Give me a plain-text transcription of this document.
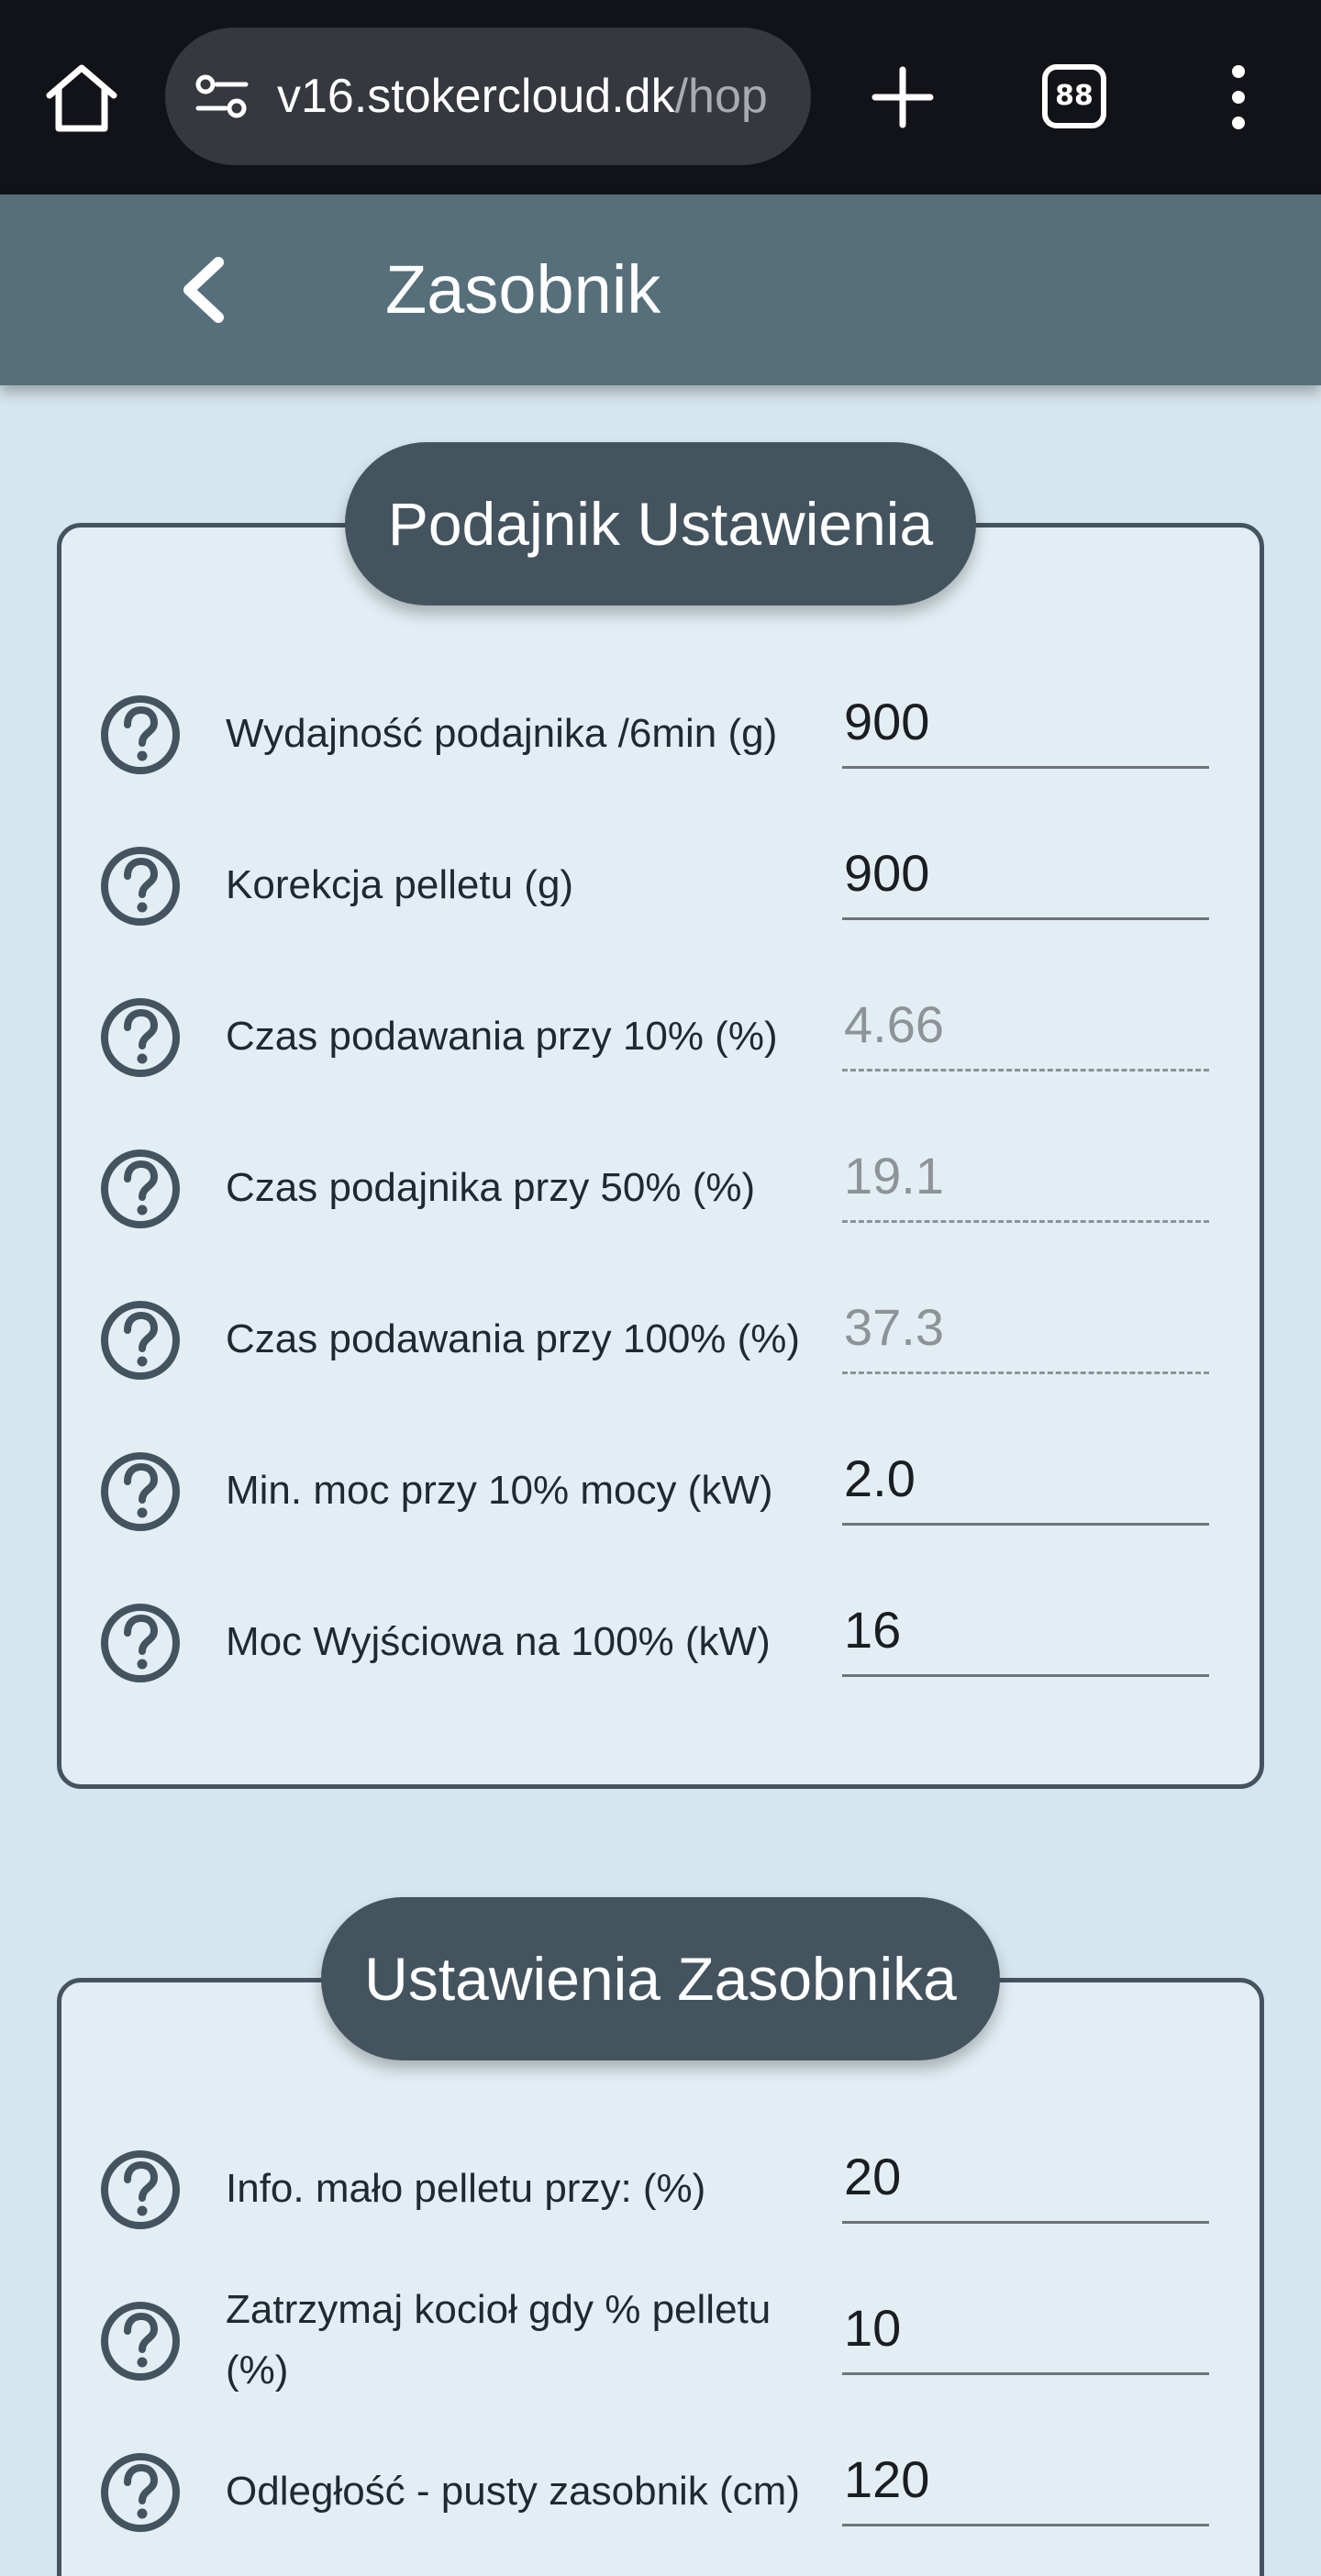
v16.stokercloud.dk/hop	88
Zasobnik
Podajnik Ustawienia
Wydajność podajnika /6min (g)
900
Korekcja pelletu (g)
900
Czas podawania przy 10% (%)
4.66
Czas podajnika przy 50% (%)
19.1
Czas podawania przy 100% (%)
37.3
Min. moc przy 10% mocy (kW)
2.0
Moc Wyjściowa na 100% (kW)
16
Ustawienia Zasobnika
Info. mało pelletu przy: (%)
20
Zatrzymaj kocioł gdy % pelletu (%)
10
Odległość - pusty zasobnik (cm)
120
